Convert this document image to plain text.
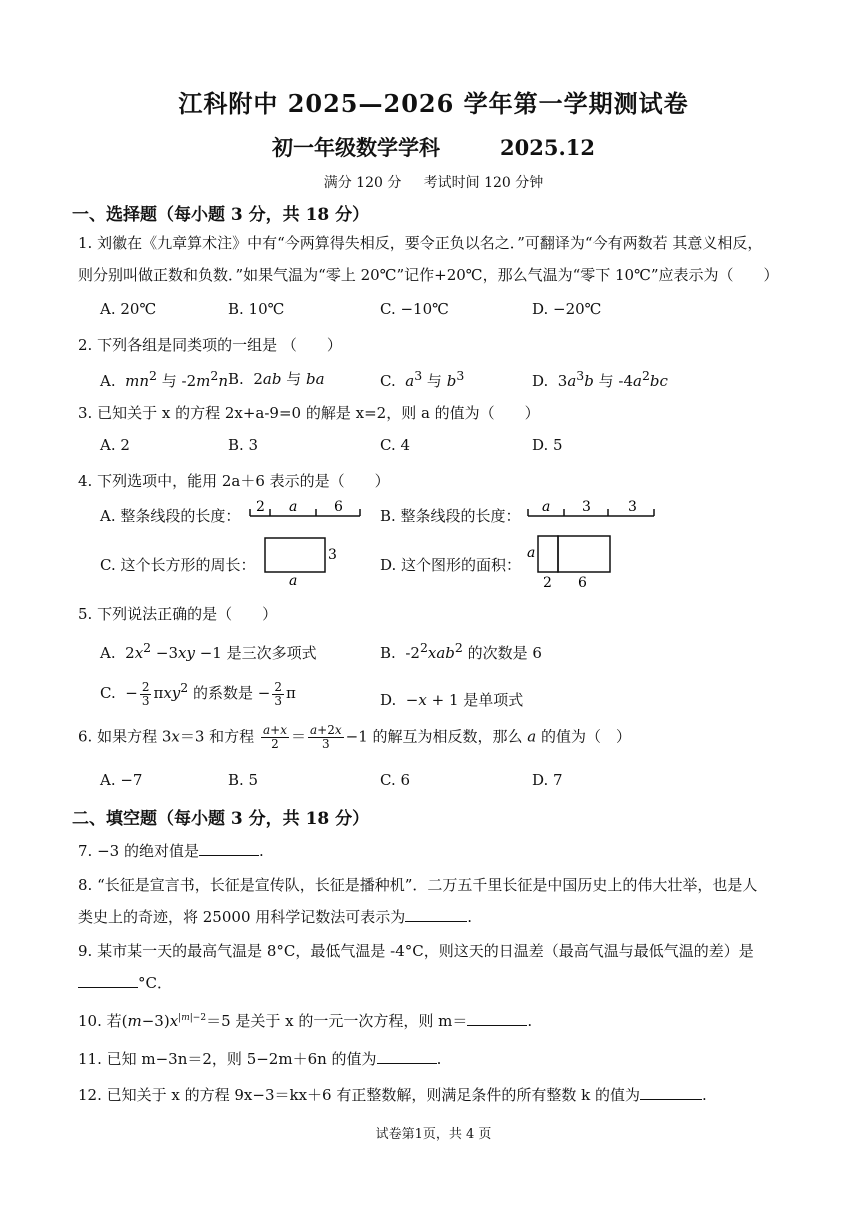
江科附中 2025—2026 学年第一学期测试卷
初一年级数学学科	2025.12
满分 120 分 考试时间 120 分钟
一、选择题（每小题 3 分，共 18 分）
1. 刘徽在《九章算术注》中有“今两算得失相反，要令正负以名之．”可翻译为“今有两数若 其意义相反，
则分别叫做正数和负数．”如果气温为“零上 20℃”记作+20℃，那么气温为“零下 10℃”应表示为（　　）
A. 20℃	B. 10℃	C. −10℃	D. −20℃
2. 下列各组是同类项的一组是 （　　）
A.  $mn^2$ 与 $-2m^2n$ B.  2ab 与 ba	C.  $a^3$ 与 $b^3$	D.  $3a^3b$ 与 $-4a^2bc$
3. 已知关于 x 的方程 2x+a-9=0 的解是 x=2，则 a 的值为（　　）
A. 2	B. 3	C. 4	D. 5
4. 下列选项中，能用 2a＋6 表示的是（　　）
A. 整条线段的长度： 2 a	6 B. 整条线段的长度： a 3	3
C. 这个长方形的周长：
3
a
D. 这个图形的面积：
a
2 6
5. 下列说法正确的是（　　）
A.  $2x^2 -3xy -1$ 是三次多项式	B.  $-2^2xab^2$ 的次数是 6
C.  − $\frac{2}{3} \pi xy^2$ 的系数是 − $\frac{2}{3}$ π	D.  −x + 1 是单项式
6. 如果方程 3x＝3 和方程 $\frac{a+x}{2} = \frac{a+2x}{3} -1$ 的解互为相反数，那么 a 的值为（　）
A. −7	B. 5	C. 6	D. 7
二、填空题（每小题 3 分，共 18 分）
7. −3 的绝对值是	.
8. “长征是宣言书，长征是宣传队，长征是播种机”．二万五千里长征是中国历史上的伟大壮举，也是人
类史上的奇迹，将 25000 用科学记数法可表示为	.
9. 某市某一天的最高气温是 8°C，最低气温是 -4°C，则这天的日温差（最高气温与最低气温的差）是
°C．
10. 若$(m-3)x^{|m|-2}=5$ 是关于 x 的一元一次方程，则 m＝	.
11. 已知 m−3n＝2，则 5−2m＋6n 的值为	.
12. 已知关于 x 的方程 9x−3＝kx＋6 有正整数解，则满足条件的所有整数 k 的值为	.
试卷第1页，共 4 页
